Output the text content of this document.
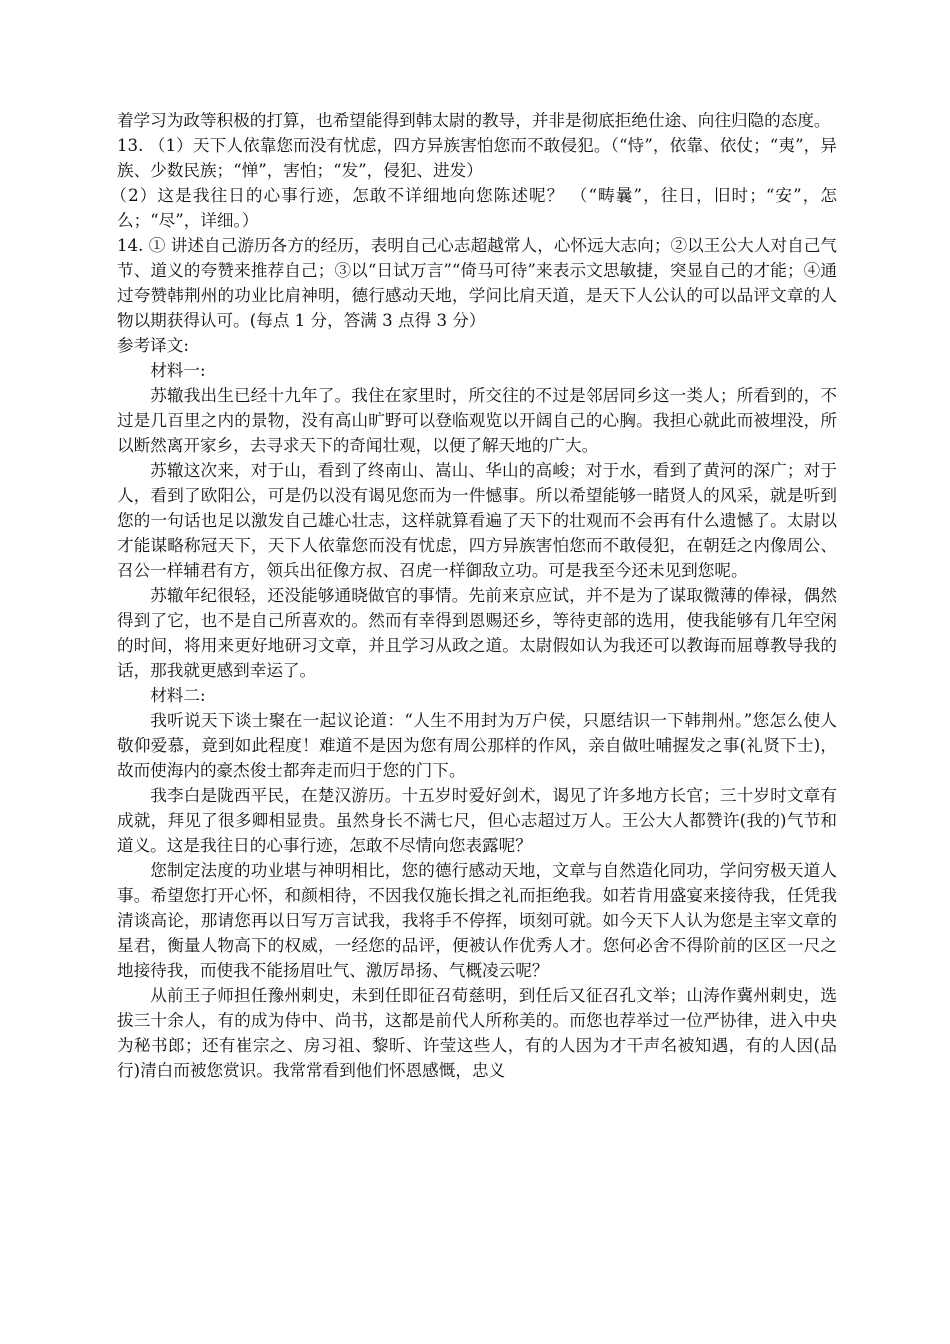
着学习为政等积极的打算，也希望能得到韩太尉的教导，并非是彻底拒绝仕途、向往归隐的态度。

13. （1）天下人依靠您而没有忧虑，四方异族害怕您而不敢侵犯。（“恃”，依靠、依仗；“夷”，异族、少数民族；“惮”，害怕；“发”，侵犯、进发）

（2）这是我往日的心事行迹，怎敢不详细地向您陈述呢？ （“畴曩”，往日，旧时；“安”，怎么；“尽”，详细。）

14. ① 讲述自己游历各方的经历，表明自己心志超越常人，心怀远大志向；②以王公大人对自己气节、道义的夸赞来推荐自己；③以“日试万言”“倚马可待”来表示文思敏捷，突显自己的才能；④通过夸赞韩荆州的功业比肩神明，德行感动天地，学问比肩天道，是天下人公认的可以品评文章的人物以期获得认可。(每点 1 分，答满 3 点得 3 分）

参考译文:

材料一:

苏辙我出生已经十九年了。我住在家里时，所交往的不过是邻居同乡这一类人；所看到的，不过是几百里之内的景物，没有高山旷野可以登临观览以开阔自己的心胸。我担心就此而被埋没，所以断然离开家乡，去寻求天下的奇闻壮观，以便了解天地的广大。

苏辙这次来，对于山，看到了终南山、嵩山、华山的高峻；对于水，看到了黄河的深广；对于人，看到了欧阳公，可是仍以没有谒见您而为一件憾事。所以希望能够一睹贤人的风采，就是听到您的一句话也足以激发自己雄心壮志，这样就算看遍了天下的壮观而不会再有什么遗憾了。太尉以才能谋略称冠天下，天下人依靠您而没有忧虑，四方异族害怕您而不敢侵犯，在朝廷之内像周公、召公一样辅君有方，领兵出征像方叔、召虎一样御敌立功。可是我至今还未见到您呢。

苏辙年纪很轻，还没能够通晓做官的事情。先前来京应试，并不是为了谋取微薄的俸禄，偶然得到了它，也不是自己所喜欢的。然而有幸得到恩赐还乡，等待吏部的选用，使我能够有几年空闲的时间，将用来更好地研习文章，并且学习从政之道。太尉假如认为我还可以教诲而屈尊教导我的话，那我就更感到幸运了。

材料二:

我听说天下谈士聚在一起议论道：“人生不用封为万户侯，只愿结识一下韩荆州。”您怎么使人敬仰爱慕，竟到如此程度！难道不是因为您有周公那样的作风，亲自做吐哺握发之事(礼贤下士)，故而使海内的豪杰俊士都奔走而归于您的门下。

我李白是陇西平民，在楚汉游历。十五岁时爱好剑术，谒见了许多地方长官；三十岁时文章有成就，拜见了很多卿相显贵。虽然身长不满七尺，但心志超过万人。王公大人都赞许(我的)气节和道义。这是我往日的心事行迹，怎敢不尽情向您表露呢？

您制定法度的功业堪与神明相比，您的德行感动天地，文章与自然造化同功，学问穷极天道人事。希望您打开心怀，和颜相待，不因我仅施长揖之礼而拒绝我。如若肯用盛宴来接待我，任凭我清谈高论，那请您再以日写万言试我，我将手不停挥，顷刻可就。如今天下人认为您是主宰文章的星君，衡量人物高下的权威，一经您的品评，便被认作优秀人才。您何必舍不得阶前的区区一尺之地接待我，而使我不能扬眉吐气、激厉昂扬、气概凌云呢？

从前王子师担任豫州刺史，未到任即征召荀慈明，到任后又征召孔文举；山涛作冀州刺史，选拔三十余人，有的成为侍中、尚书，这都是前代人所称美的。而您也荐举过一位严协律，进入中央为秘书郎；还有崔宗之、房习祖、黎昕、许莹这些人，有的人因为才干声名被知遇，有的人因(品行)清白而被您赏识。我常常看到他们怀恩感慨，忠义
